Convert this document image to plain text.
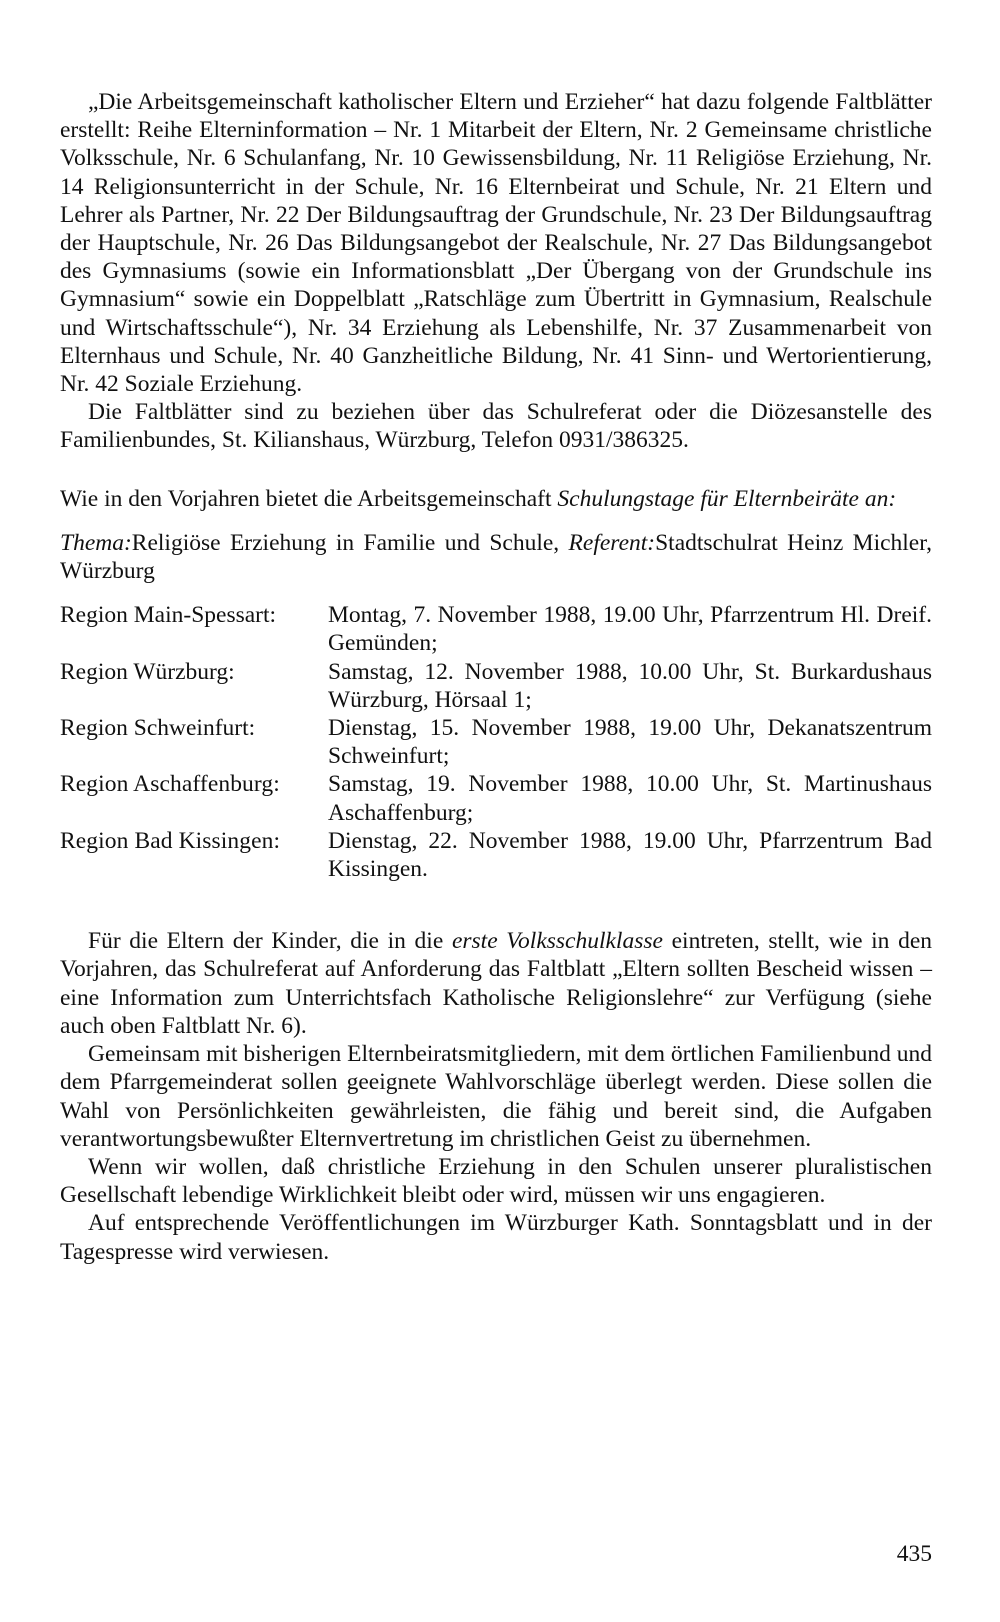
„Die Arbeitsgemeinschaft katholischer Eltern und Erzieher“ hat dazu folgende Faltblätter erstellt: Reihe Elterninformation – Nr. 1 Mitarbeit der Eltern, Nr. 2 Gemeinsame christliche Volksschule, Nr. 6 Schulanfang, Nr. 10 Gewissensbildung, Nr. 11 Religiöse Erziehung, Nr. 14 Religionsunterricht in der Schule, Nr. 16 Elternbeirat und Schule, Nr. 21 Eltern und Lehrer als Partner, Nr. 22 Der Bildungsauftrag der Grundschule, Nr. 23 Der Bildungsauftrag der Hauptschule, Nr. 26 Das Bildungsangebot der Realschule, Nr. 27 Das Bildungsangebot des Gymnasiums (sowie ein Informationsblatt „Der Übergang von der Grundschule ins Gymnasium“ sowie ein Doppelblatt „Ratschläge zum Übertritt in Gymnasium, Realschule und Wirtschaftsschule“), Nr. 34 Erziehung als Lebenshilfe, Nr. 37 Zusammenarbeit von Elternhaus und Schule, Nr. 40 Ganzheitliche Bildung, Nr. 41 Sinn- und Wertorientierung, Nr. 42 Soziale Erziehung.

Die Faltblätter sind zu beziehen über das Schulreferat oder die Diözesanstelle des Familienbundes, St. Kilianshaus, Würzburg, Telefon 0931/386325.

Wie in den Vorjahren bietet die Arbeitsgemeinschaft Schulungstage für Elternbeiräte an:

Thema:Religiöse Erziehung in Familie und Schule, Referent:Stadtschulrat Heinz Michler, Würzburg

Region Main-Spessart:	Montag, 7. November 1988, 19.00 Uhr, Pfarrzentrum Hl. Dreif. Gemünden;
Region Würzburg:	Samstag, 12. November 1988, 10.00 Uhr, St. Burkardushaus Würzburg, Hörsaal 1;
Region Schweinfurt:	Dienstag, 15. November 1988, 19.00 Uhr, Dekanatszentrum Schweinfurt;
Region Aschaffenburg:	Samstag, 19. November 1988, 10.00 Uhr, St. Martinushaus Aschaffenburg;
Region Bad Kissingen:	Dienstag, 22. November 1988, 19.00 Uhr, Pfarrzentrum Bad Kissingen.

Für die Eltern der Kinder, die in die erste Volksschulklasse eintreten, stellt, wie in den Vorjahren, das Schulreferat auf Anforderung das Faltblatt „Eltern sollten Bescheid wissen – eine Information zum Unterrichtsfach Katholische Religionslehre“ zur Verfügung (siehe auch oben Faltblatt Nr. 6).

Gemeinsam mit bisherigen Elternbeiratsmitgliedern, mit dem örtlichen Familienbund und dem Pfarrgemeinderat sollen geeignete Wahlvorschläge überlegt werden. Diese sollen die Wahl von Persönlichkeiten gewährleisten, die fähig und bereit sind, die Aufgaben verantwortungsbewußter Elternvertretung im christlichen Geist zu übernehmen.

Wenn wir wollen, daß christliche Erziehung in den Schulen unserer pluralistischen Gesellschaft lebendige Wirklichkeit bleibt oder wird, müssen wir uns engagieren.

Auf entsprechende Veröffentlichungen im Würzburger Kath. Sonntagsblatt und in der Tagespresse wird verwiesen.

435
